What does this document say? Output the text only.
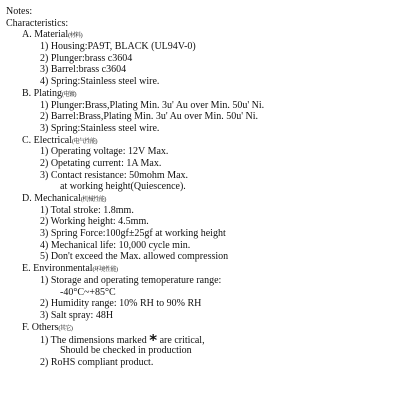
Notes:
Characteristics:
A. Material(材料)
1) Housing:PA9T, BLACK (UL94V-0)
2) Plunger:brass c3604
3) Barrel:brass c3604
4) Spring:Stainless steel wire.
B. Plating(电镀)
1) Plunger:Brass,Plating Min. 3u' Au over Min. 50u' Ni.
2) Barrel:Brass,Plating Min. 3u' Au over Min. 50u' Ni.
3) Spring:Stainless steel wire.
C. Electrical(电气性能)
1) Operating voltage: 12V Max.
2) Opetating current: 1A Max.
3) Contact resistance: 50mohm Max.
at working height(Quiescence).
D. Mechanical(机械性能)
1) Total stroke: 1.8mm.
2) Working height: 4.5mm.
3) Spring Force:100gf±25gf at working height
4) Mechanical life: 10,000 cycle min.
5) Don't exceed the Max. allowed compression
E. Environmental(环境性能)
1) Storage and operating temoperature range:
-40°C~+85°C
2) Humidity range: 10% RH to 90% RH
3) Salt spray: 48H
F. Others(其它)
1) The dimensions marked * are critical,
Should be checked in production
2) RoHS compliant product.
